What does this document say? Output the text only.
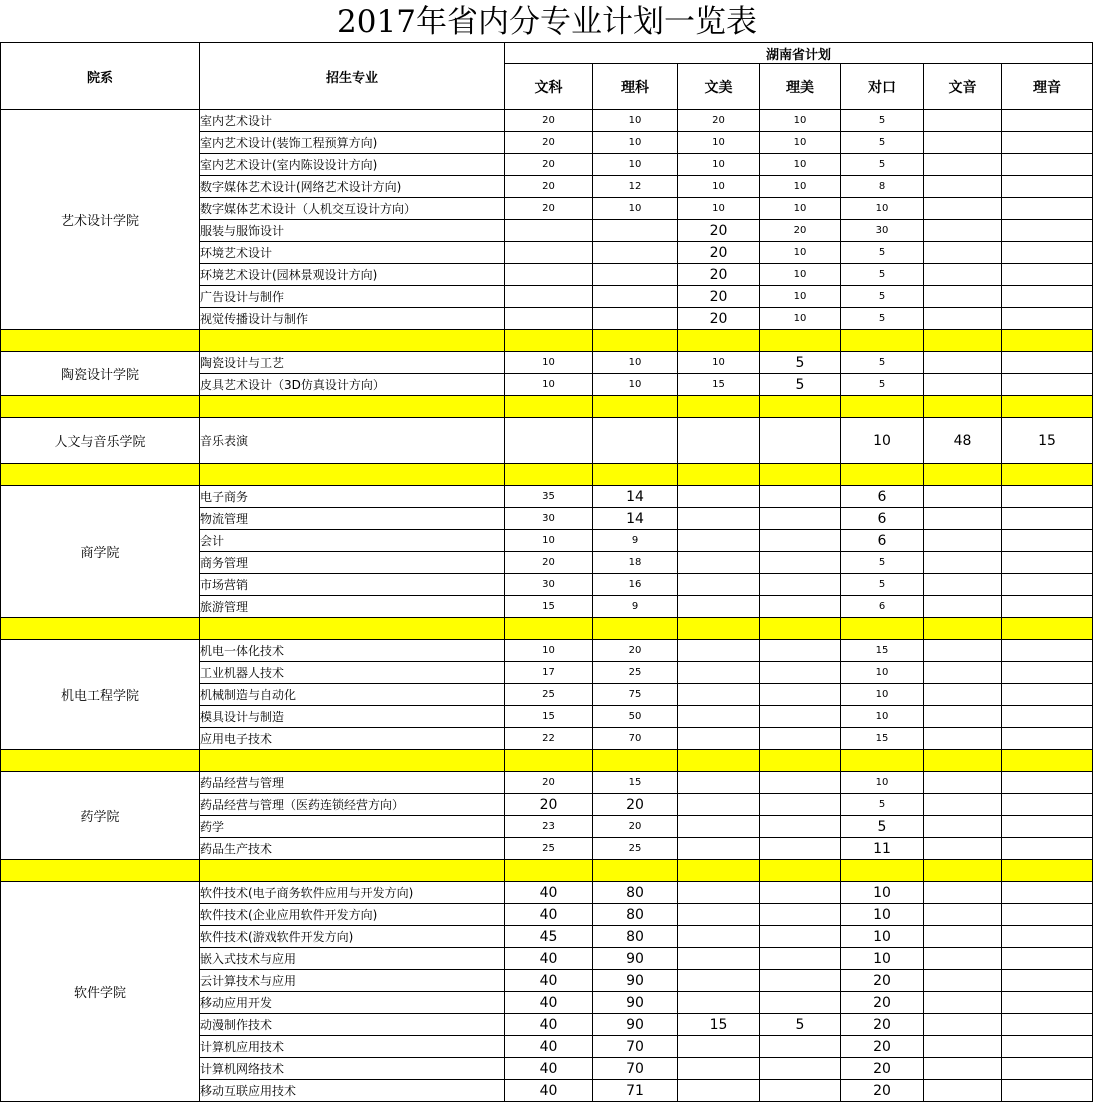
2017年省内分专业计划一览表
院系	招生专业	湖南省计划						
		文科	理科	文美	理美	对口	文音	理音
艺术设计学院	室内艺术设计	20	10	20	10	5		
	室内艺术设计(装饰工程预算方向)	20	10	10	10	5		
	室内艺术设计(室内陈设设计方向)	20	10	10	10	5		
	数字媒体艺术设计(网络艺术设计方向)	20	12	10	10	8		
	数字媒体艺术设计（人机交互设计方向）	20	10	10	10	10		
	服装与服饰设计			20	20	30		
	环境艺术设计			20	10	5		
	环境艺术设计(园林景观设计方向)			20	10	5		
	广告设计与制作			20	10	5		
	视觉传播设计与制作			20	10	5		

陶瓷设计学院	陶瓷设计与工艺	10	10	10	5	5		
	皮具艺术设计（3D仿真设计方向）	10	10	15	5	5		

人文与音乐学院	音乐表演					10	48	15

商学院	电子商务	35	14			6		
	物流管理	30	14			6		
	会计	10	9			6		
	商务管理	20	18			5		
	市场营销	30	16			5		
	旅游管理	15	9			6		

机电工程学院	机电一体化技术	10	20			15		
	工业机器人技术	17	25			10		
	机械制造与自动化	25	75			10		
	模具设计与制造	15	50			10		
	应用电子技术	22	70			15		

药学院	药品经营与管理	20	15			10		
	药品经营与管理（医药连锁经营方向）	20	20			5		
	药学	23	20			5		
	药品生产技术	25	25			11		

软件学院	软件技术(电子商务软件应用与开发方向)	40	80			10		
	软件技术(企业应用软件开发方向)	40	80			10		
	软件技术(游戏软件开发方向)	45	80			10		
	嵌入式技术与应用	40	90			10		
	云计算技术与应用	40	90			20		
	移动应用开发	40	90			20		
	动漫制作技术	40	90	15	5	20		
	计算机应用技术	40	70			20		
	计算机网络技术	40	70			20		
	移动互联应用技术	40	71			20		
